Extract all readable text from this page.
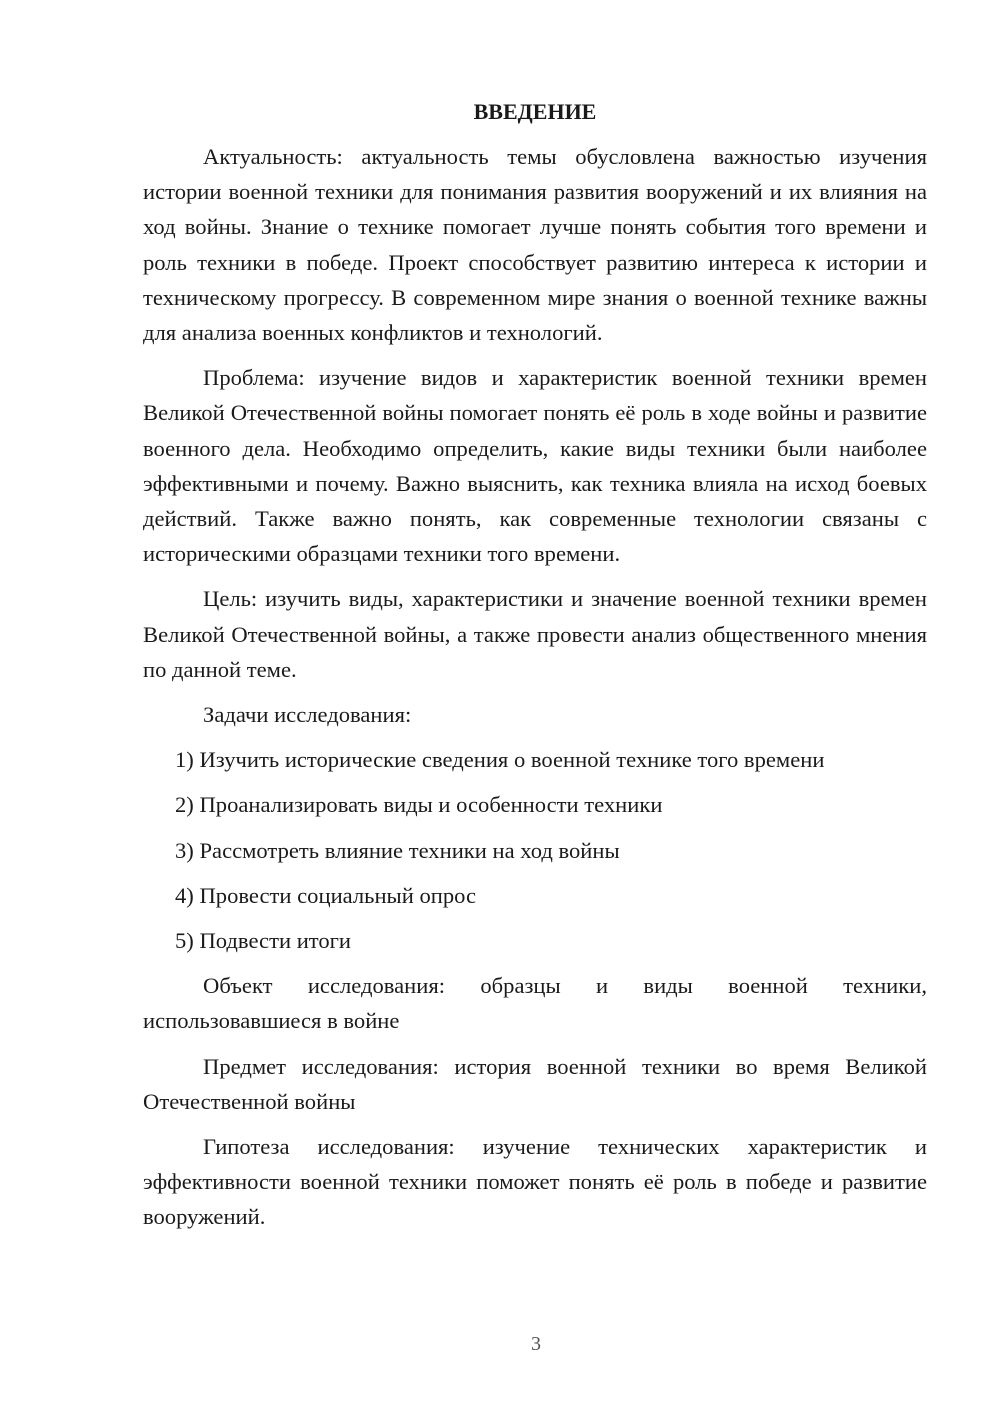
ВВЕДЕНИЕ

Актуальность: актуальность темы обусловлена важностью изучения истории военной техники для понимания развития вооружений и их влияния на ход войны. Знание о технике помогает лучше понять события того времени и роль техники в победе. Проект способствует развитию интереса к истории и техническому прогрессу. В современном мире знания о военной технике важны для анализа военных конфликтов и технологий.

Проблема: изучение видов и характеристик военной техники времен Великой Отечественной войны помогает понять её роль в ходе войны и развитие военного дела. Необходимо определить, какие виды техники были наиболее эффективными и почему. Важно выяснить, как техника влияла на исход боевых действий. Также важно понять, как современные технологии связаны с историческими образцами техники того времени.

Цель: изучить виды, характеристики и значение военной техники времен Великой Отечественной войны, а также провести анализ общественного мнения по данной теме.

Задачи исследования:

1) Изучить исторические сведения о военной технике того времени
2) Проанализировать виды и особенности техники
3) Рассмотреть влияние техники на ход войны
4) Провести социальный опрос
5) Подвести итоги

Объект исследования: образцы и виды военной техники, использовавшиеся в войне

Предмет исследования: история военной техники во время Великой Отечественной войны

Гипотеза исследования: изучение технических характеристик и эффективности военной техники поможет понять её роль в победе и развитие вооружений.

3
